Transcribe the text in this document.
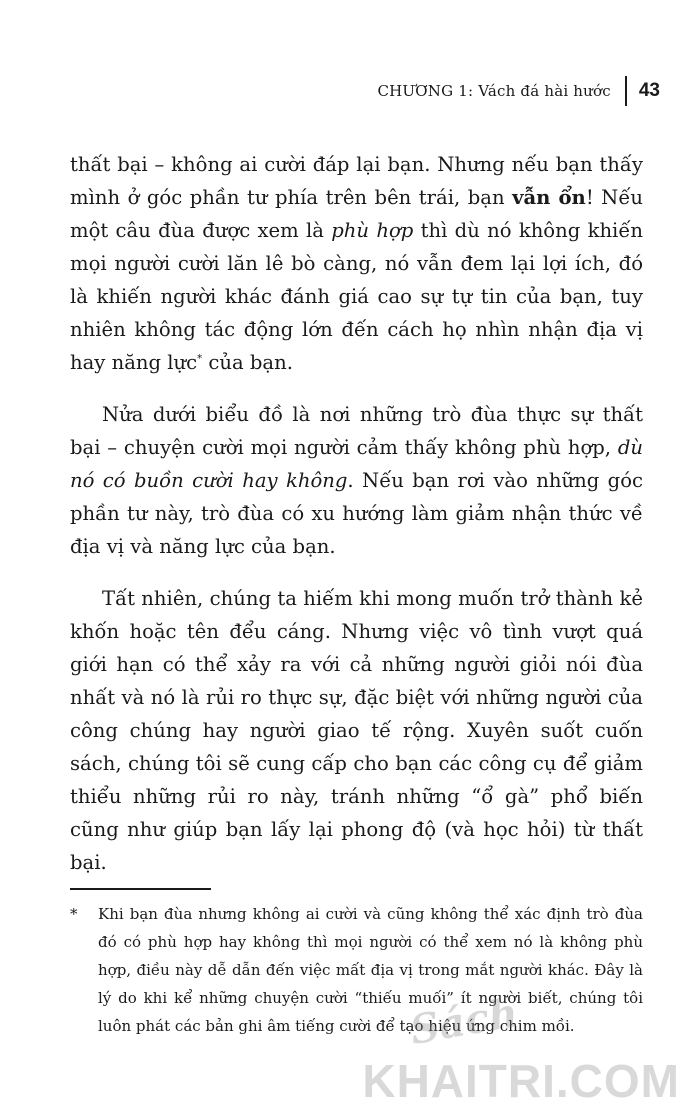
CHƯƠNG 1: Vách đá hài hước 43

thất bại – không ai cười đáp lại bạn. Nhưng nếu bạn thấy mình ở góc phần tư phía trên bên trái, bạn vẫn ổn! Nếu một câu đùa được xem là phù hợp thì dù nó không khiến mọi người cười lăn lê bò càng, nó vẫn đem lại lợi ích, đó là khiến người khác đánh giá cao sự tự tin của bạn, tuy nhiên không tác động lớn đến cách họ nhìn nhận địa vị hay năng lực* của bạn.

Nửa dưới biểu đồ là nơi những trò đùa thực sự thất bại – chuyện cười mọi người cảm thấy không phù hợp, dù nó có buồn cười hay không. Nếu bạn rơi vào những góc phần tư này, trò đùa có xu hướng làm giảm nhận thức về địa vị và năng lực của bạn.

Tất nhiên, chúng ta hiếm khi mong muốn trở thành kẻ khốn hoặc tên đểu cáng. Nhưng việc vô tình vượt quá giới hạn có thể xảy ra với cả những người giỏi nói đùa nhất và nó là rủi ro thực sự, đặc biệt với những người của công chúng hay người giao tế rộng. Xuyên suốt cuốn sách, chúng tôi sẽ cung cấp cho bạn các công cụ để giảm thiểu những rủi ro này, tránh những “ổ gà” phổ biến cũng như giúp bạn lấy lại phong độ (và học hỏi) từ thất bại.

*	Khi bạn đùa nhưng không ai cười và cũng không thể xác định trò đùa đó có phù hợp hay không thì mọi người có thể xem nó là không phù hợp, điều này dễ dẫn đến việc mất địa vị trong mắt người khác. Đây là lý do khi kể những chuyện cười “thiếu muối” ít người biết, chúng tôi luôn phát các bản ghi âm tiếng cười để tạo hiệu ứng chim mồi.
Sách
KHAITRI.COM
